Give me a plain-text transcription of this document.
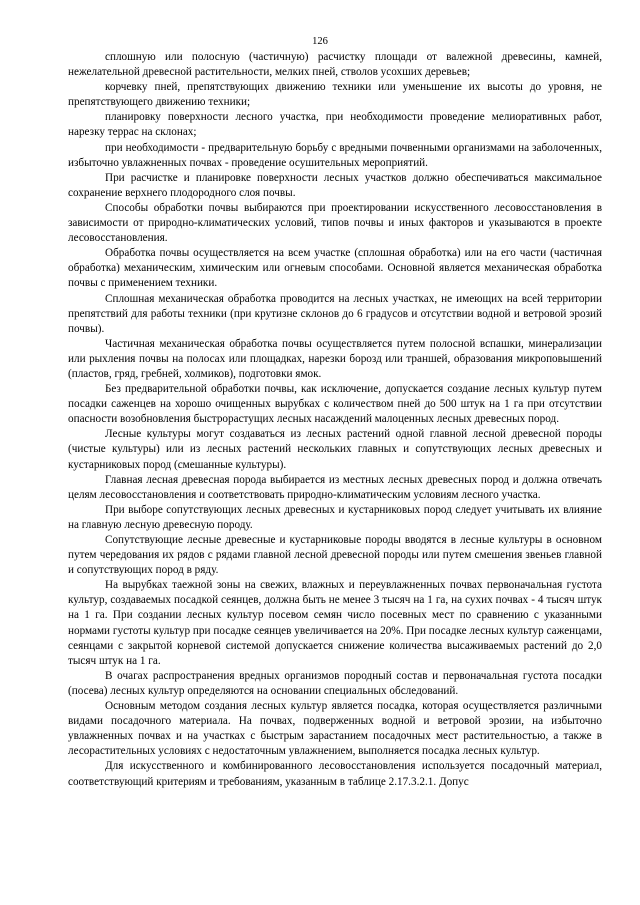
126

сплошную или полосную (частичную) расчистку площади от валежной древесины, камней, нежелательной древесной растительности, мелких пней, стволов усохших деревьев;

корчевку пней, препятствующих движению техники или уменьшение их высоты до уровня, не препятствующего движению техники;

планировку поверхности лесного участка, при необходимости проведение мелиоративных работ, нарезку террас на склонах;

при необходимости - предварительную борьбу с вредными почвенными организмами на заболоченных, избыточно увлажненных почвах - проведение осушительных мероприятий.

При расчистке и планировке поверхности лесных участков должно обеспечиваться максимальное сохранение верхнего плодородного слоя почвы.

Способы обработки почвы выбираются при проектировании искусственного лесовосстановления в зависимости от природно-климатических условий, типов почвы и иных факторов и указываются в проекте лесовосстановления.

Обработка почвы осуществляется на всем участке (сплошная обработка) или на его части (частичная обработка) механическим, химическим или огневым способами. Основной является механическая обработка почвы с применением техники.

Сплошная механическая обработка проводится на лесных участках, не имеющих на всей территории препятствий для работы техники (при крутизне склонов до 6 градусов и отсутствии водной и ветровой эрозий почвы).

Частичная механическая обработка почвы осуществляется путем полосной вспашки, минерализации или рыхления почвы на полосах или площадках, нарезки борозд или траншей, образования микроповышений (пластов, гряд, гребней, холмиков), подготовки ямок.

Без предварительной обработки почвы, как исключение, допускается создание лесных культур путем посадки саженцев на хорошо очищенных вырубках с количеством пней до 500 штук на 1 га при отсутствии опасности возобновления быстрорастущих лесных насаждений малоценных лесных древесных пород.

Лесные культуры могут создаваться из лесных растений одной главной лесной древесной породы (чистые культуры) или из лесных растений нескольких главных и сопутствующих лесных древесных и кустарниковых пород (смешанные культуры).

Главная лесная древесная порода выбирается из местных лесных древесных пород и должна отвечать целям лесовосстановления и соответствовать природно-климатическим условиям лесного участка.

При выборе сопутствующих лесных древесных и кустарниковых пород следует учитывать их влияние на главную лесную древесную породу.

Сопутствующие лесные древесные и кустарниковые породы вводятся в лесные культуры в основном путем чередования их рядов с рядами главной лесной древесной породы или путем смешения звеньев главной и сопутствующих пород в ряду.

На вырубках таежной зоны на свежих, влажных и переувлажненных почвах первоначальная густота культур, создаваемых посадкой сеянцев, должна быть не менее 3 тысяч на 1 га, на сухих почвах - 4 тысяч штук на 1 га. При создании лесных культур посевом семян число посевных мест по сравнению с указанными нормами густоты культур при посадке сеянцев увеличивается на 20%. При посадке лесных культур саженцами, сеянцами с закрытой корневой системой допускается снижение количества высаживаемых растений до 2,0 тысяч штук на 1 га.

В очагах распространения вредных организмов породный состав и первоначальная густота посадки (посева) лесных культур определяются на основании специальных обследований.

Основным методом создания лесных культур является посадка, которая осуществляется различными видами посадочного материала. На почвах, подверженных водной и ветровой эрозии, на избыточно увлажненных почвах и на участках с быстрым зарастанием посадочных мест растительностью, а также в лесорастительных условиях с недостаточным увлажнением, выполняется посадка лесных культур.

Для искусственного и комбинированного лесовосстановления используется посадочный материал, соответствующий критериям и требованиям, указанным в таблице 2.17.3.2.1. Допус
